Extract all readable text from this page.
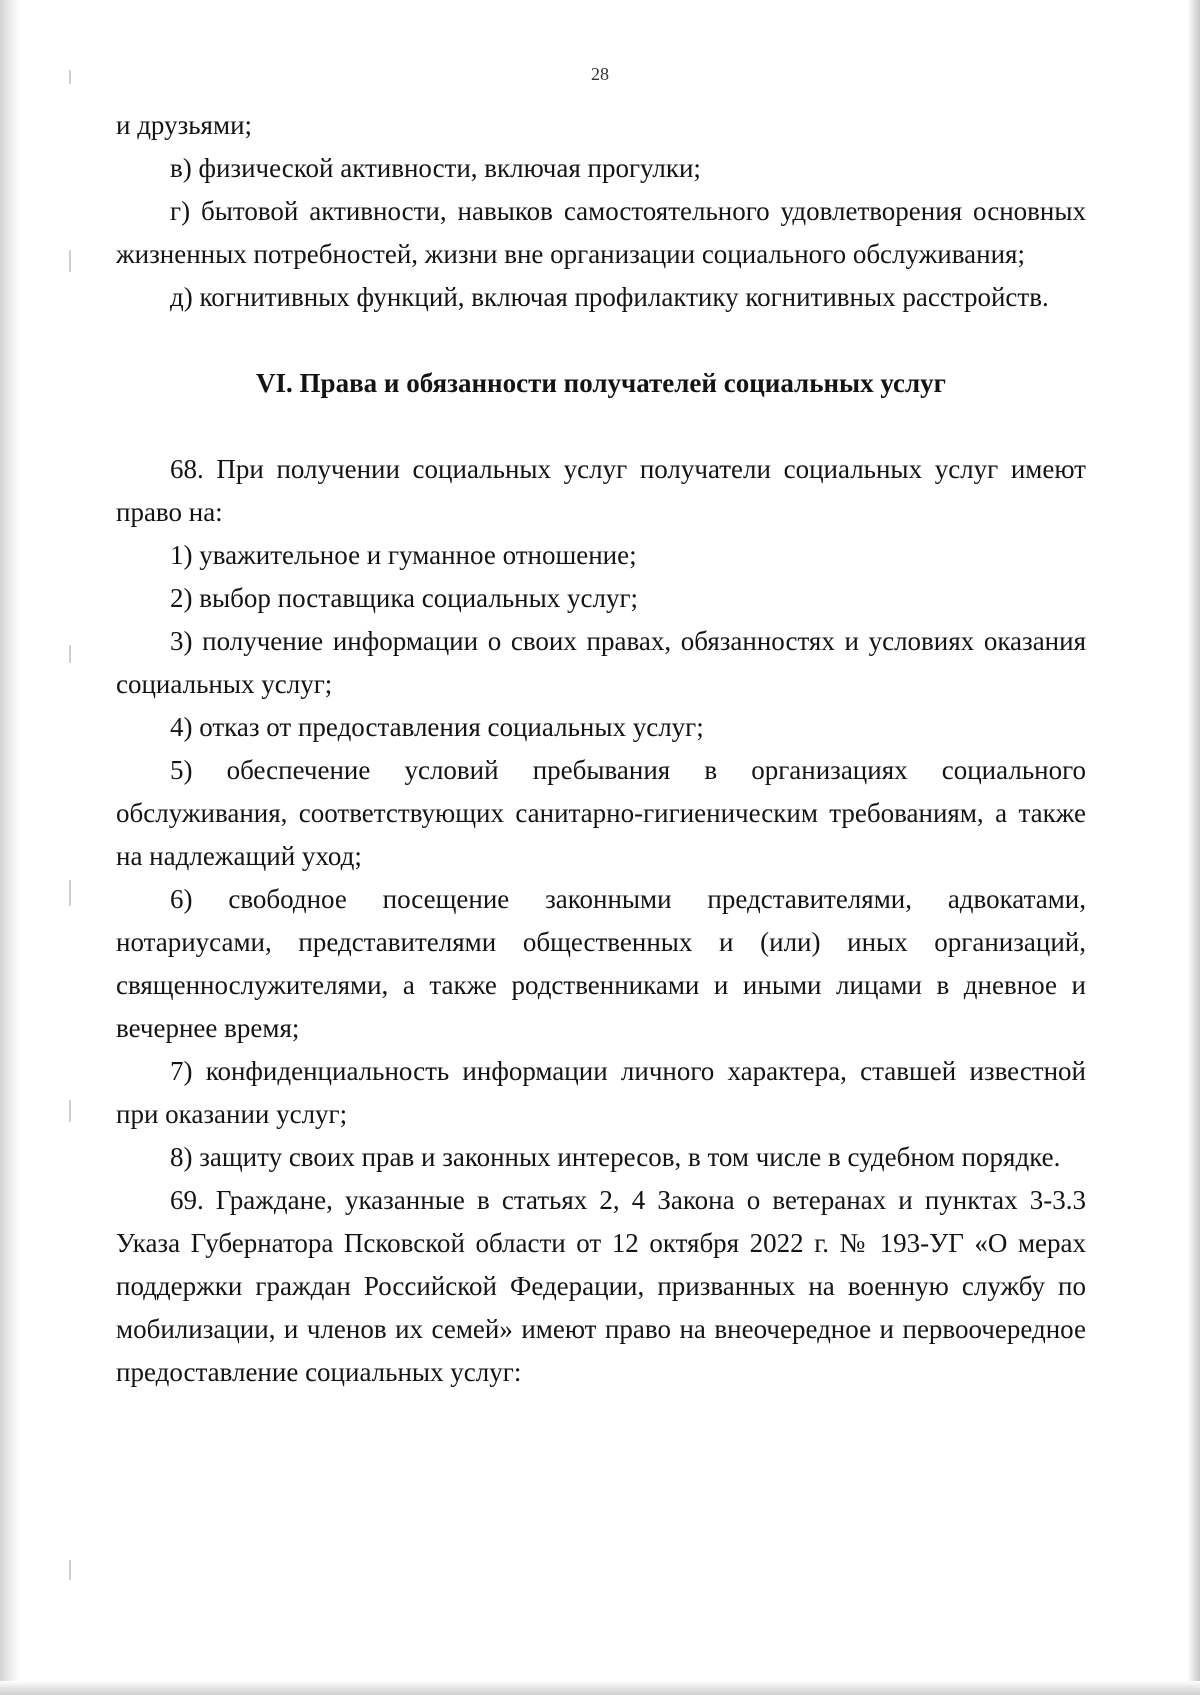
28

и друзьями;

в) физической активности, включая прогулки;

г) бытовой активности, навыков самостоятельного удовлетворения основных жизненных потребностей, жизни вне организации социального обслуживания;

д) когнитивных функций, включая профилактику когнитивных расстройств.

VI. Права и обязанности получателей социальных услуг

68. При получении социальных услуг получатели социальных услуг имеют право на:

1) уважительное и гуманное отношение;

2) выбор поставщика социальных услуг;

3) получение информации о своих правах, обязанностях и условиях оказания социальных услуг;

4) отказ от предоставления социальных услуг;

5) обеспечение условий пребывания в организациях социального обслуживания, соответствующих санитарно-гигиеническим требованиям, а также на надлежащий уход;

6) свободное посещение законными представителями, адвокатами, нотариусами, представителями общественных и (или) иных организаций, священнослужителями, а также родственниками и иными лицами в дневное и вечернее время;

7) конфиденциальность информации личного характера, ставшей известной при оказании услуг;

8) защиту своих прав и законных интересов, в том числе в судебном порядке.

69. Граждане, указанные в статьях 2, 4 Закона о ветеранах и пунктах 3-3.3 Указа Губернатора Псковской области от 12 октября 2022 г. № 193-УГ «О мерах поддержки граждан Российской Федерации, призванных на военную службу по мобилизации, и членов их семей» имеют право на внеочередное и первоочередное предоставление социальных услуг:
